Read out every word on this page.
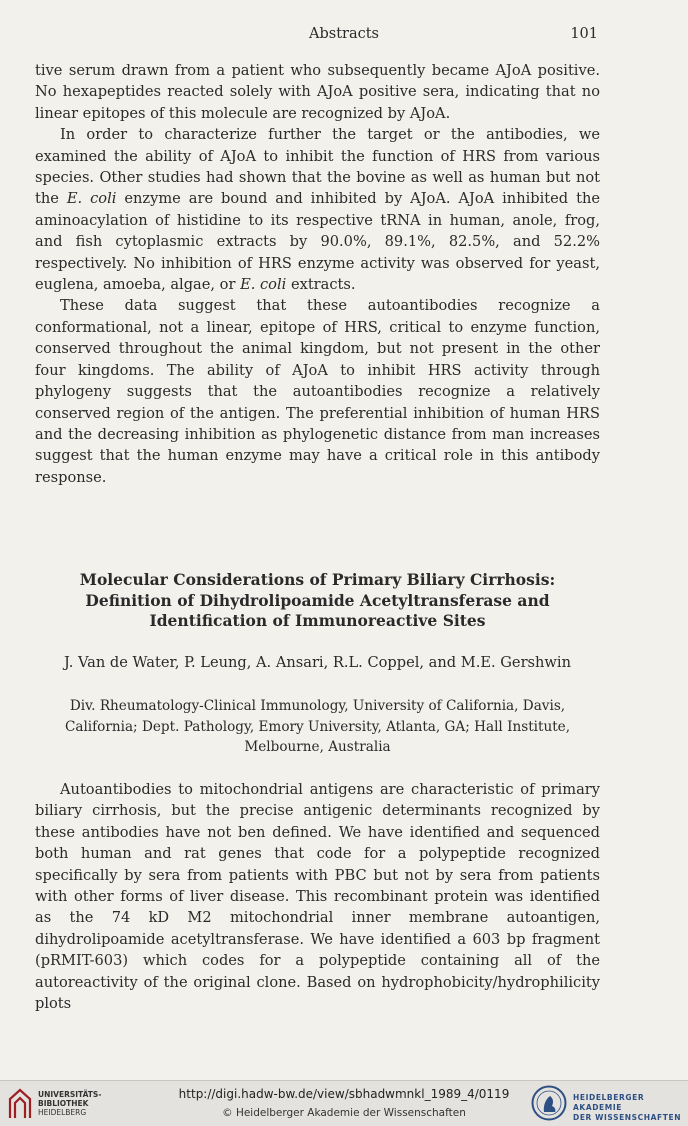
Abstracts	101

tive serum drawn from a patient who subsequently became AJoA positive. No hexapeptides reacted solely with AJoA positive sera, indicating that no linear epitopes of this molecule are recognized by AJoA.

In order to characterize further the target or the antibodies, we examined the ability of AJoA to inhibit the function of HRS from various species. Other studies had shown that the bovine as well as human but not the E. coli enzyme are bound and inhibited by AJoA. AJoA inhibited the aminoacylation of histidine to its respective tRNA in human, anole, frog, and fish cytoplasmic extracts by 90.0%, 89.1%, 82.5%, and 52.2% respectively. No inhibition of HRS enzyme activity was observed for yeast, euglena, amoeba, algae, or E. coli extracts.

These data suggest that these autoantibodies recognize a conformational, not a linear, epitope of HRS, critical to enzyme function, conserved throughout the animal kingdom, but not present in the other four kingdoms. The ability of AJoA to inhibit HRS activity through phylogeny suggests that the autoantibodies recognize a relatively conserved region of the antigen. The preferential inhibition of human HRS and the decreasing inhibition as phylogenetic distance from man increases suggest that the human enzyme may have a critical role in this antibody response.

Molecular Considerations of Primary Biliary Cirrhosis: Definition of Dihydrolipoamide Acetyltransferase and Identification of Immunoreactive Sites
J. Van de Water, P. Leung, A. Ansari, R.L. Coppel, and M.E. Gershwin
Div. Rheumatology-Clinical Immunology, University of California, Davis, California; Dept. Pathology, Emory University, Atlanta, GA; Hall Institute, Melbourne, Australia

Autoantibodies to mitochondrial antigens are characteristic of primary biliary cirrhosis, but the precise antigenic determinants recognized by these antibodies have not ben defined. We have identified and sequenced both human and rat genes that code for a polypeptide recognized specifically by sera from patients with PBC but not by sera from patients with other forms of liver disease. This recombinant protein was identified as the 74 kD M2 mitochondrial inner membrane autoantigen, dihydrolipoamide acetyltransferase. We have identified a 603 bp fragment (pRMIT-603) which codes for a polypeptide containing all of the autoreactivity of the original clone. Based on hydrophobicity/hydrophilicity plots

UNIVERSITÄTS-
BIBLIOTHEK
HEIDELBERG
http://digi.hadw-bw.de/view/sbhadwmnkl_1989_4/0119
© Heidelberger Akademie der Wissenschaften
HEIDELBERGER AKADEMIE
DER WISSENSCHAFTEN
